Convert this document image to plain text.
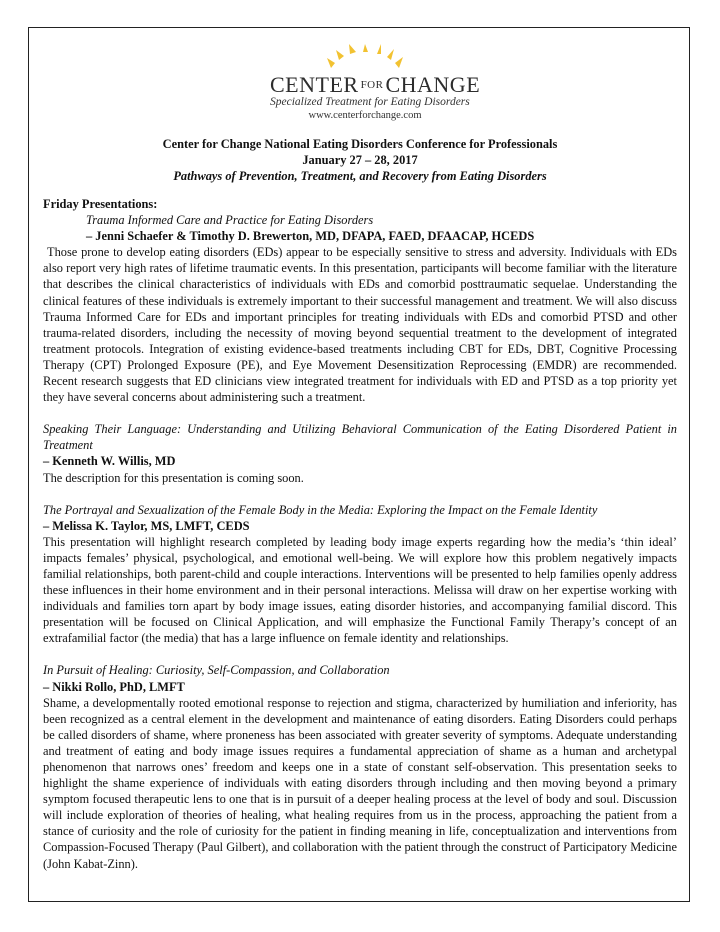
CENTER FORCHANGE
Specialized Treatment for Eating Disorders
www.centerforchange.com
Center for Change National Eating Disorders Conference for Professionals
January 27 – 28, 2017
Pathways of Prevention, Treatment, and Recovery from Eating Disorders
Friday Presentations:
Trauma Informed Care and Practice for Eating Disorders
– Jenni Schaefer & Timothy D. Brewerton, MD, DFAPA, FAED, DFAACAP, HCEDS

Those prone to develop eating disorders (EDs) appear to be especially sensitive to stress and adversity. Individuals with EDs also report very high rates of lifetime traumatic events. In this presentation, participants will become familiar with the literature that describes the clinical characteristics of individuals with EDs and comorbid posttraumatic sequelae. Understanding the clinical features of these individuals is extremely important to their successful management and treatment. We will also discuss Trauma Informed Care for EDs and important principles for treating individuals with EDs and comorbid PTSD and other trauma-related disorders, including the necessity of moving beyond sequential treatment to the development of integrated treatment protocols. Integration of existing evidence-based treatments including CBT for EDs, DBT, Cognitive Processing Therapy (CPT) Prolonged Exposure (PE), and Eye Movement Desensitization Reprocessing (EMDR) are recommended. Recent research suggests that ED clinicians view integrated treatment for individuals with ED and PTSD as a top priority yet they have several concerns about administering such a treatment.

Speaking Their Language: Understanding and Utilizing Behavioral Communication of the Eating Disordered Patient in Treatment
– Kenneth W. Willis, MD

The description for this presentation is coming soon.

The Portrayal and Sexualization of the Female Body in the Media: Exploring the Impact on the Female Identity
– Melissa K. Taylor, MS, LMFT, CEDS

This presentation will highlight research completed by leading body image experts regarding how the media’s ‘thin ideal’ impacts females’ physical, psychological, and emotional well-being. We will explore how this problem negatively impacts familial relationships, both parent-child and couple interactions. Interventions will be presented to help families openly address these influences in their home environment and in their personal interactions. Melissa will draw on her expertise working with individuals and families torn apart by body image issues, eating disorder histories, and accompanying familial discord. This presentation will be focused on Clinical Application, and will emphasize the Functional Family Therapy’s concept of an extrafamilial factor (the media) that has a large influence on female identity and relationships.

In Pursuit of Healing: Curiosity, Self-Compassion, and Collaboration
– Nikki Rollo, PhD, LMFT

Shame, a developmentally rooted emotional response to rejection and stigma, characterized by humiliation and inferiority, has been recognized as a central element in the development and maintenance of eating disorders. Eating Disorders could perhaps be called disorders of shame, where proneness has been associated with greater severity of symptoms. Adequate understanding and treatment of eating and body image issues requires a fundamental appreciation of shame as a human and archetypal phenomenon that narrows ones’ freedom and keeps one in a state of constant self-observation. This presentation seeks to highlight the shame experience of individuals with eating disorders through including and then moving beyond a primary symptom focused therapeutic lens to one that is in pursuit of a deeper healing process at the level of body and soul. Discussion will include exploration of theories of healing, what healing requires from us in the process, approaching the patient from a stance of curiosity and the role of curiosity for the patient in finding meaning in life, conceptualization and interventions from Compassion-Focused Therapy (Paul Gilbert), and collaboration with the patient through the construct of Participatory Medicine (John Kabat-Zinn).
